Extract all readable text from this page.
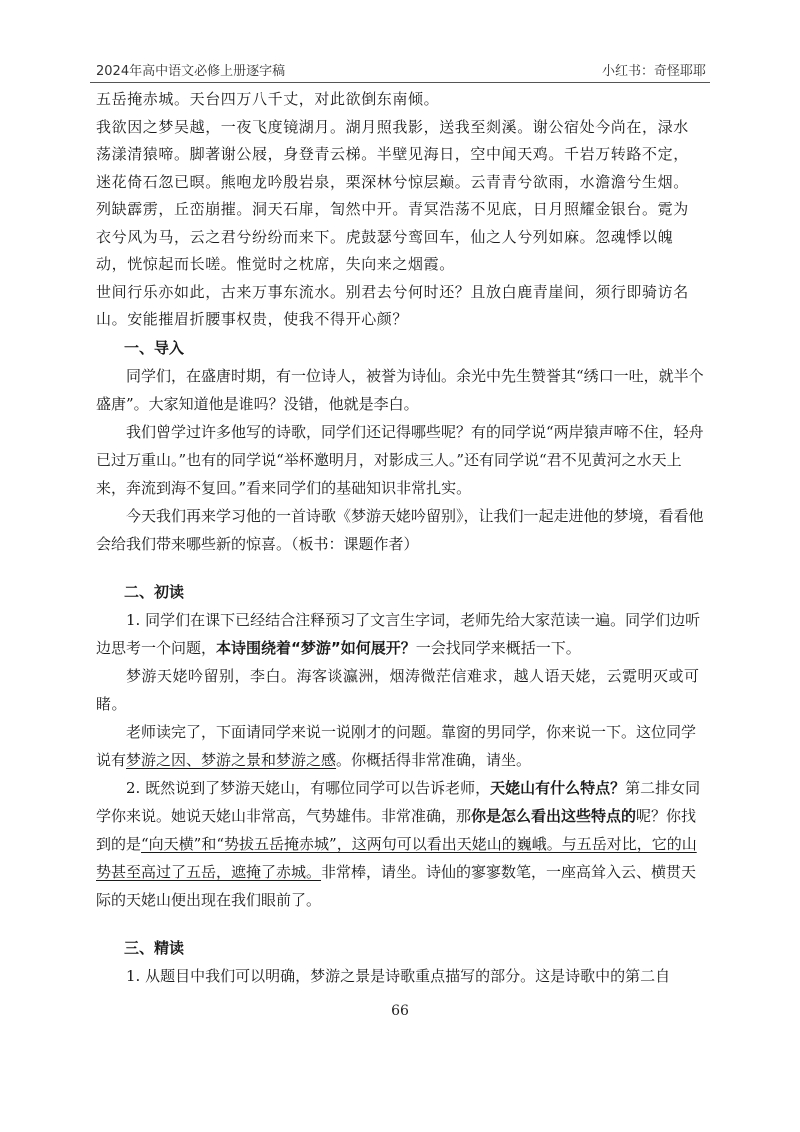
2024年高中语文必修上册逐字稿	小红书：奇怪耶耶

五岳掩赤城。天台四万八千丈，对此欲倒东南倾。

我欲因之梦吴越，一夜飞度镜湖月。湖月照我影，送我至剡溪。谢公宿处今尚在，渌水荡漾清猿啼。脚著谢公屐，身登青云梯。半壁见海日，空中闻天鸡。千岩万转路不定，迷花倚石忽已暝。熊咆龙吟殷岩泉，栗深林兮惊层巅。云青青兮欲雨，水澹澹兮生烟。列缺霹雳，丘峦崩摧。洞天石扉，訇然中开。青冥浩荡不见底，日月照耀金银台。霓为衣兮风为马，云之君兮纷纷而来下。虎鼓瑟兮鸾回车，仙之人兮列如麻。忽魂悸以魄动，恍惊起而长嗟。惟觉时之枕席，失向来之烟霞。

世间行乐亦如此，古来万事东流水。别君去兮何时还？且放白鹿青崖间，须行即骑访名山。安能摧眉折腰事权贵，使我不得开心颜？

一、导入

同学们，在盛唐时期，有一位诗人，被誉为诗仙。余光中先生赞誉其“绣口一吐，就半个盛唐”。大家知道他是谁吗？没错，他就是李白。

我们曾学过许多他写的诗歌，同学们还记得哪些呢？有的同学说“两岸猿声啼不住，轻舟已过万重山。”也有的同学说“举杯邀明月，对影成三人。”还有同学说“君不见黄河之水天上来，奔流到海不复回。”看来同学们的基础知识非常扎实。

今天我们再来学习他的一首诗歌《梦游天姥吟留别》，让我们一起走进他的梦境，看看他会给我们带来哪些新的惊喜。（板书：课题作者）

二、初读

1. 同学们在课下已经结合注释预习了文言生字词，老师先给大家范读一遍。同学们边听边思考一个问题，本诗围绕着“梦游”如何展开？一会找同学来概括一下。

梦游天姥吟留别，李白。海客谈瀛洲，烟涛微茫信难求，越人语天姥，云霓明灭或可睹。

老师读完了，下面请同学来说一说刚才的问题。靠窗的男同学，你来说一下。这位同学说有梦游之因、梦游之景和梦游之感。你概括得非常准确，请坐。

2. 既然说到了梦游天姥山，有哪位同学可以告诉老师，天姥山有什么特点？第二排女同学你来说。她说天姥山非常高，气势雄伟。非常准确，那你是怎么看出这些特点的呢？你找到的是“向天横”和“势拔五岳掩赤城”，这两句可以看出天姥山的巍峨。与五岳对比，它的山势甚至高过了五岳，遮掩了赤城。非常棒，请坐。诗仙的寥寥数笔，一座高耸入云、横贯天际的天姥山便出现在我们眼前了。

三、精读

1. 从题目中我们可以明确，梦游之景是诗歌重点描写的部分。这是诗歌中的第二自

66
